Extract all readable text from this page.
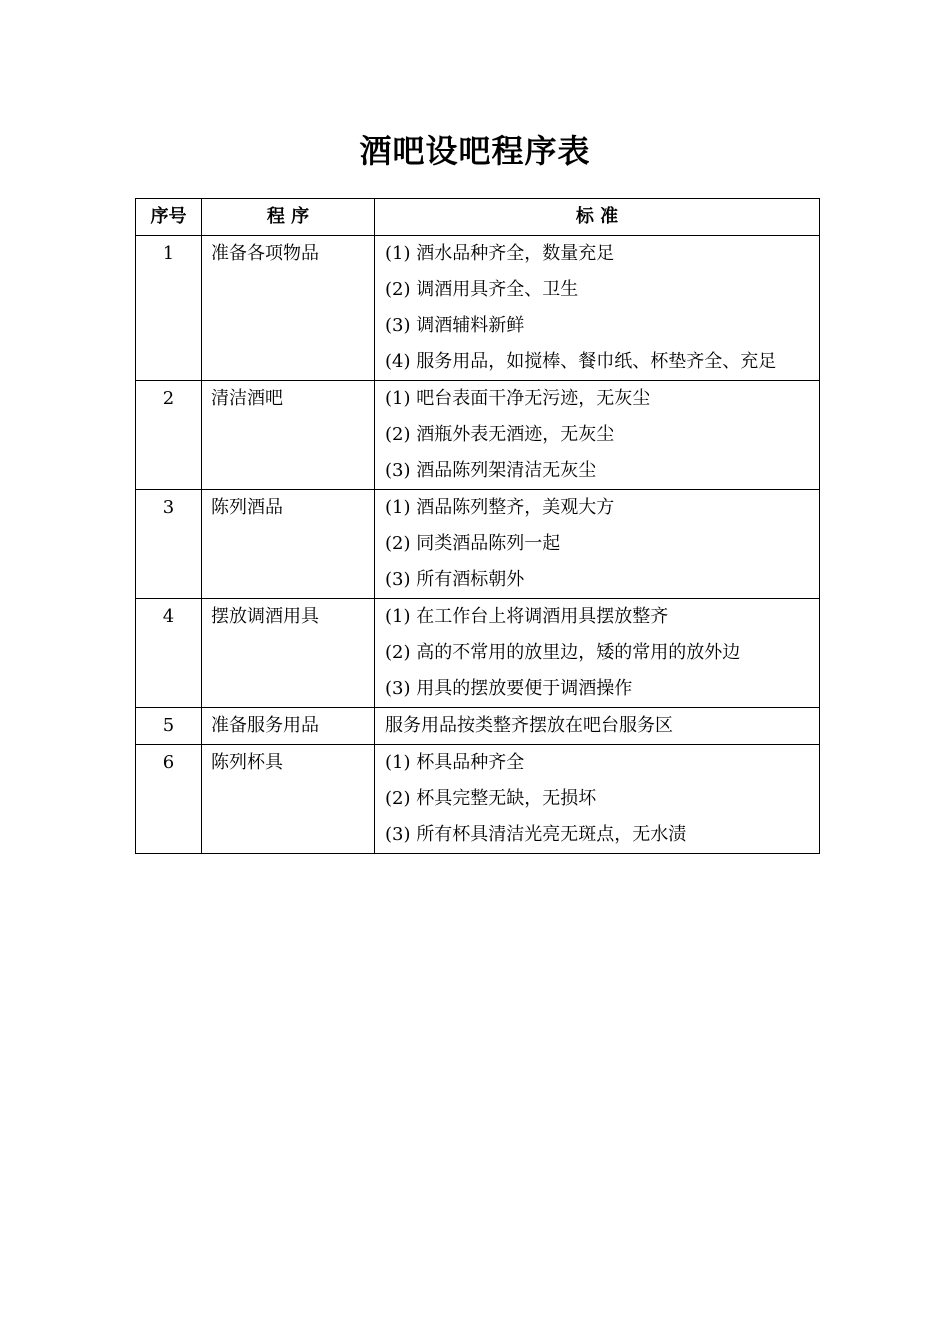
酒吧设吧程序表
序号	程 序	标 准
1	准备各项物品	(1) 酒水品种齐全，数量充足
(2) 调酒用具齐全、卫生
(3) 调酒辅料新鲜
(4) 服务用品，如搅棒、餐巾纸、杯垫齐全、充足

2	清洁酒吧	(1) 吧台表面干净无污迹，无灰尘
(2) 酒瓶外表无酒迹，无灰尘
(3) 酒品陈列架清洁无灰尘

3	陈列酒品	(1) 酒品陈列整齐，美观大方
(2) 同类酒品陈列一起
(3) 所有酒标朝外

4	摆放调酒用具	(1) 在工作台上将调酒用具摆放整齐
(2) 高的不常用的放里边，矮的常用的放外边
(3) 用具的摆放要便于调酒操作

5	准备服务用品	服务用品按类整齐摆放在吧台服务区

6	陈列杯具	(1) 杯具品种齐全
(2) 杯具完整无缺，无损坏
(3) 所有杯具清洁光亮无斑点，无水渍
